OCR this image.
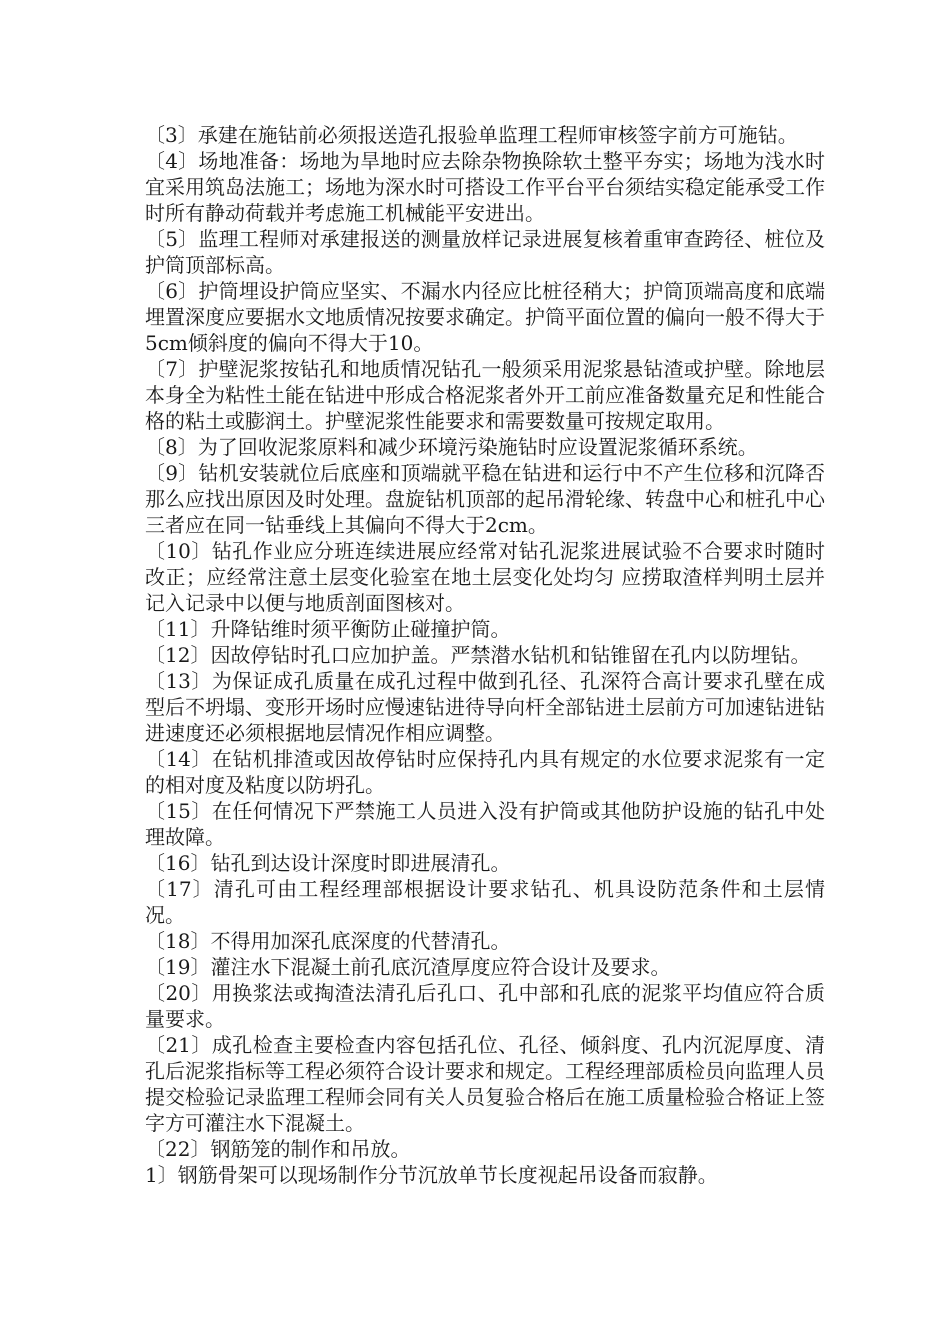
〔3〕承建在施钻前必须报送造孔报验单监理工程师审核签字前方可施钻。

〔4〕场地准备：场地为旱地时应去除杂物换除软土整平夯实；场地为浅水时宜采用筑岛法施工；场地为深水时可搭设工作平台平台须结实稳定能承受工作时所有静动荷载并考虑施工机械能平安进出。

〔5〕监理工程师对承建报送的测量放样记录进展复核着重审查跨径、桩位及护筒顶部标高。

〔6〕护筒埋设护筒应坚实、不漏水内径应比桩径稍大；护筒顶端高度和底端埋置深度应要据水文地质情况按要求确定。护筒平面位置的偏向一般不得大于5cm倾斜度的偏向不得大于10。

〔7〕护壁泥浆按钻孔和地质情况钻孔一般须采用泥浆悬钻渣或护壁。除地层本身全为粘性土能在钻进中形成合格泥浆者外开工前应准备数量充足和性能合格的粘土或膨润土。护壁泥浆性能要求和需要数量可按规定取用。

〔8〕为了回收泥浆原料和减少环境污染施钻时应设置泥浆循环系统。

〔9〕钻机安装就位后底座和顶端就平稳在钻进和运行中不产生位移和沉降否那么应找出原因及时处理。盘旋钻机顶部的起吊滑轮缘、转盘中心和桩孔中心三者应在同一钻垂线上其偏向不得大于2cm。

〔10〕钻孔作业应分班连续进展应经常对钻孔泥浆进展试验不合要求时随时改正；应经常注意土层变化验室在地土层变化处均匀 应捞取渣样判明土层并记入记录中以便与地质剖面图核对。

〔11〕升降钻维时须平衡防止碰撞护筒。

〔12〕因故停钻时孔口应加护盖。严禁潜水钻机和钻锥留在孔内以防埋钻。

〔13〕为保证成孔质量在成孔过程中做到孔径、孔深符合高计要求孔壁在成型后不坍塌、变形开场时应慢速钻进待导向杆全部钻进土层前方可加速钻进钻进速度还必须根据地层情况作相应调整。

〔14〕在钻机排渣或因故停钻时应保持孔内具有规定的水位要求泥浆有一定的相对度及粘度以防坍孔。

〔15〕在任何情况下严禁施工人员进入没有护筒或其他防护设施的钻孔中处理故障。

〔16〕钻孔到达设计深度时即进展清孔。

〔17〕清孔可由工程经理部根据设计要求钻孔、机具设防范条件和土层情况。

〔18〕不得用加深孔底深度的代替清孔。

〔19〕灌注水下混凝土前孔底沉渣厚度应符合设计及要求。

〔20〕用换浆法或掏渣法清孔后孔口、孔中部和孔底的泥浆平均值应符合质量要求。

〔21〕成孔检查主要检查内容包括孔位、孔径、倾斜度、孔内沉泥厚度、清孔后泥浆指标等工程必须符合设计要求和规定。工程经理部质检员向监理人员提交检验记录监理工程师会同有关人员复验合格后在施工质量检验合格证上签字方可灌注水下混凝土。

〔22〕钢筋笼的制作和吊放。

1〕钢筋骨架可以现场制作分节沉放单节长度视起吊设备而寂静。
